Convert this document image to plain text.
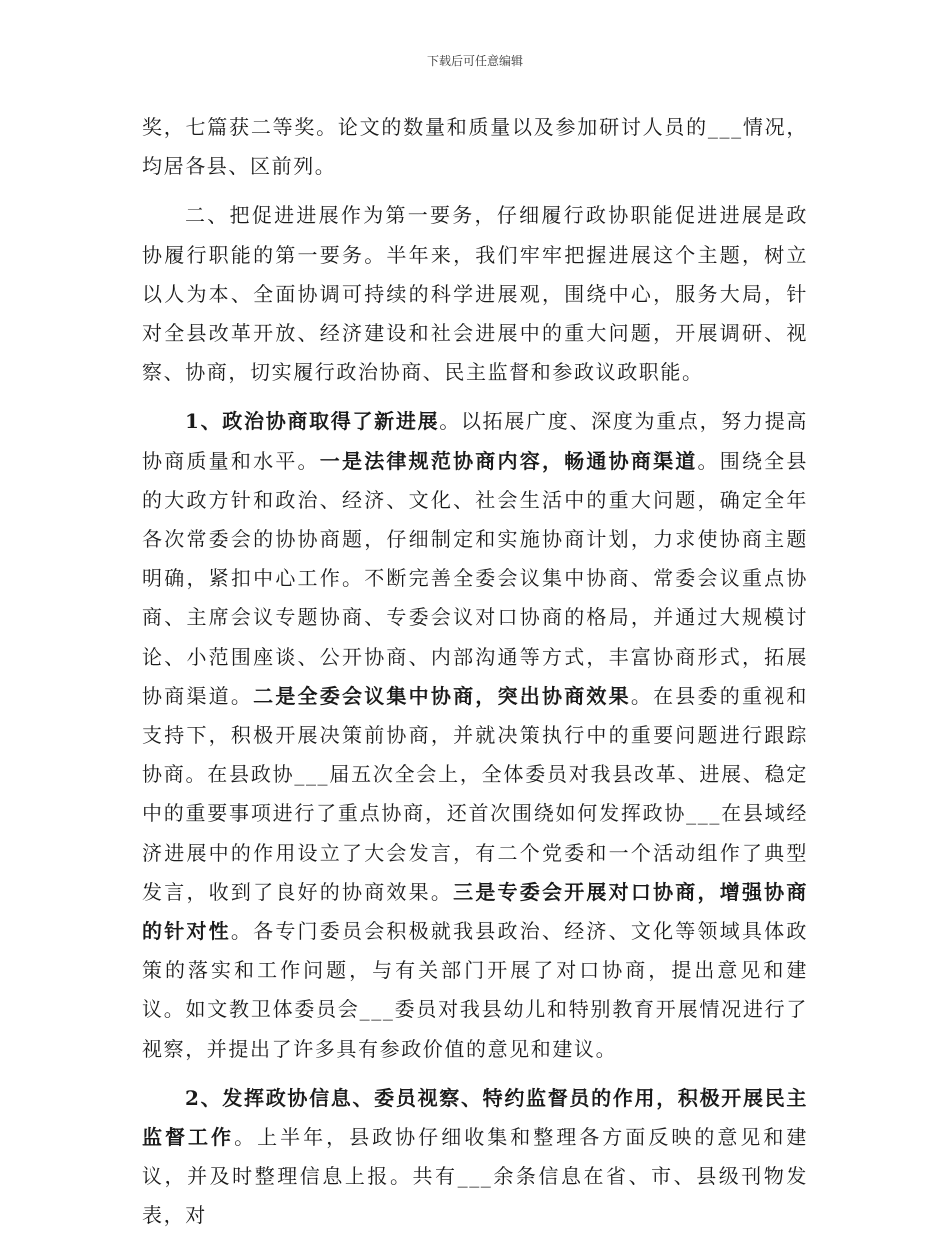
下载后可任意编辑

奖，七篇获二等奖。论文的数量和质量以及参加研讨人员的___情况，均居各县、区前列。

二、把促进进展作为第一要务，仔细履行政协职能促进进展是政协履行职能的第一要务。半年来，我们牢牢把握进展这个主题，树立以人为本、全面协调可持续的科学进展观，围绕中心，服务大局，针对全县改革开放、经济建设和社会进展中的重大问题，开展调研、视察、协商，切实履行政治协商、民主监督和参政议政职能。

1、政治协商取得了新进展。以拓展广度、深度为重点，努力提高协商质量和水平。一是法律规范协商内容，畅通协商渠道。围绕全县的大政方针和政治、经济、文化、社会生活中的重大问题，确定全年各次常委会的协协商题，仔细制定和实施协商计划，力求使协商主题明确，紧扣中心工作。不断完善全委会议集中协商、常委会议重点协商、主席会议专题协商、专委会议对口协商的格局，并通过大规模讨论、小范围座谈、公开协商、内部沟通等方式，丰富协商形式，拓展协商渠道。二是全委会议集中协商，突出协商效果。在县委的重视和支持下，积极开展决策前协商，并就决策执行中的重要问题进行跟踪协商。在县政协___届五次全会上，全体委员对我县改革、进展、稳定中的重要事项进行了重点协商，还首次围绕如何发挥政协___在县域经济进展中的作用设立了大会发言，有二个党委和一个活动组作了典型发言，收到了良好的协商效果。三是专委会开展对口协商，增强协商的针对性。各专门委员会积极就我县政治、经济、文化等领域具体政策的落实和工作问题，与有关部门开展了对口协商，提出意见和建议。如文教卫体委员会___委员对我县幼儿和特别教育开展情况进行了视察，并提出了许多具有参政价值的意见和建议。

2、发挥政协信息、委员视察、特约监督员的作用，积极开展民主监督工作。上半年，县政协仔细收集和整理各方面反映的意见和建议，并及时整理信息上报。共有___余条信息在省、市、县级刊物发表，对
